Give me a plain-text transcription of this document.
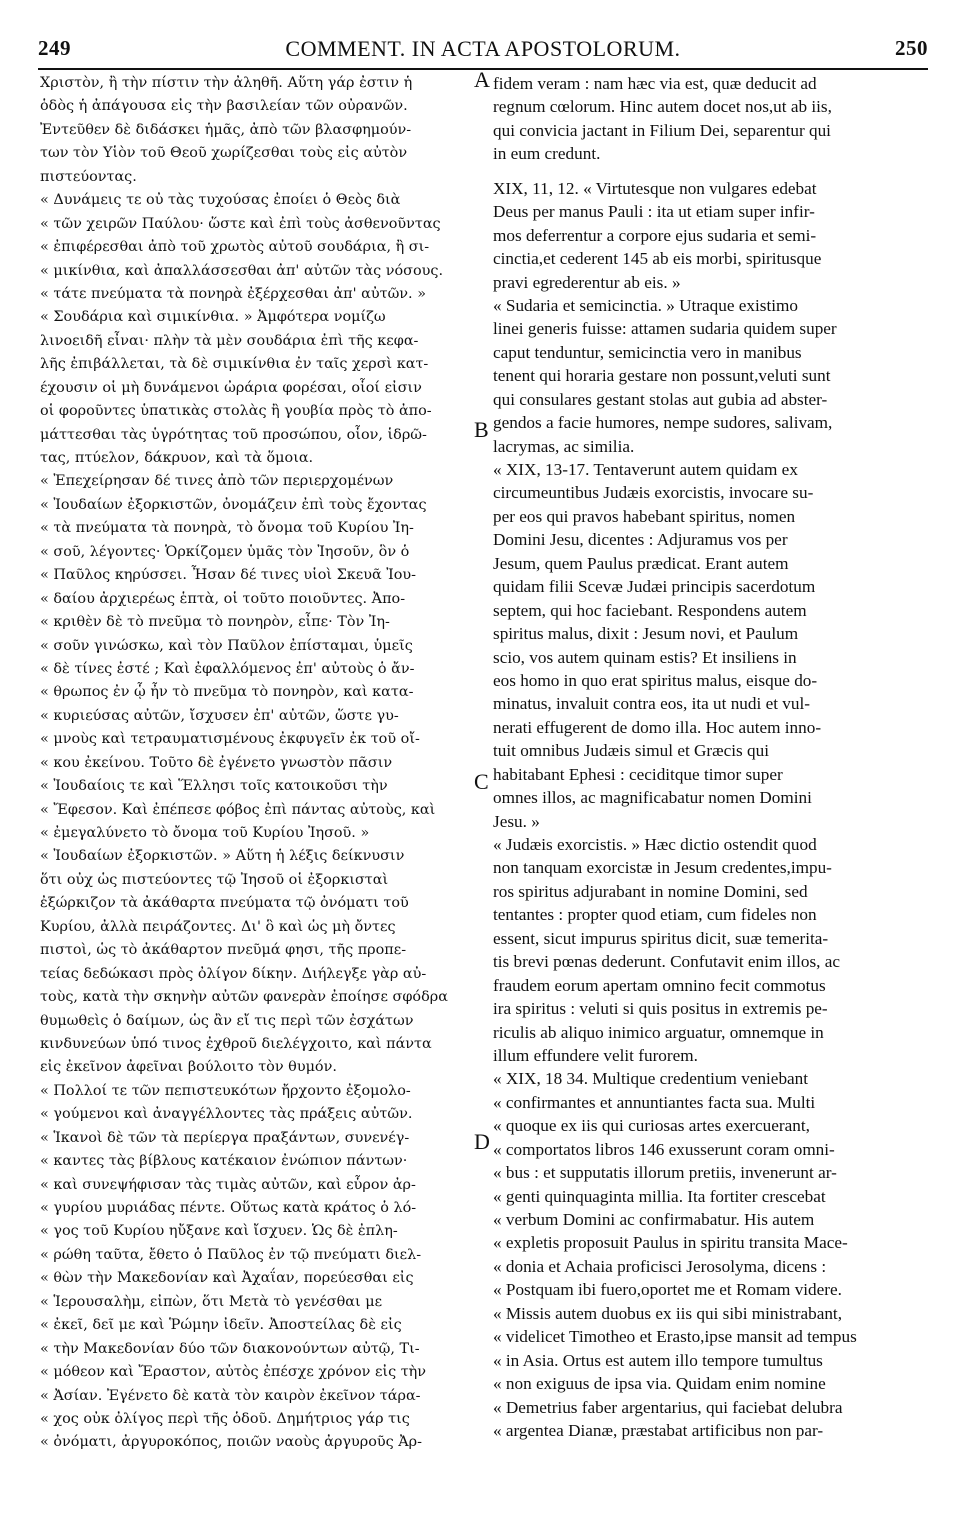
249	COMMENT. IN ACTA APOSTOLORUM.	250
Χριστὸν, ἢ τὴν πίστιν τὴν ἀληθῆ. Αὕτη γάρ ἐστιν ἡ
ὁδὸς ἡ ἀπάγουσα εἰς τὴν βασιλείαν τῶν οὐρανῶν.
Ἐντεῦθεν δὲ διδάσκει ἡμᾶς, ἀπὸ τῶν βλασφημούν-
των τὸν Υἱὸν τοῦ Θεοῦ χωρίζεσθαι τοὺς εἰς αὐτὸν
πιστεύοντας.
« Δυνάμεις τε οὐ τὰς τυχούσας ἐποίει ὁ Θεὸς διὰ
« τῶν χειρῶν Παύλου· ὥστε καὶ ἐπὶ τοὺς ἀσθενοῦντας
« ἐπιφέρεσθαι ἀπὸ τοῦ χρωτὸς αὐτοῦ σουδάρια, ἢ σι-
« μικίνθια, καὶ ἀπαλλάσσεσθαι ἀπ' αὐτῶν τὰς νόσους.
« τάτε πνεύματα τὰ πονηρὰ ἐξέρχεσθαι ἀπ' αὐτῶν. »
« Σουδάρια καὶ σιμικίνθια. » Ἀμφότερα νομίζω
λινοειδῆ εἶναι· πλὴν τὰ μὲν σουδάρια ἐπὶ τῆς κεφα-
λῆς ἐπιβάλλεται, τὰ δὲ σιμικίνθια ἐν ταῖς χερσὶ κατ-
έχουσιν οἱ μὴ δυνάμενοι ὠράρια φορέσαι, οἷοί εἰσιν
οἱ φοροῦντες ὑπατικὰς στολὰς ἢ γουβία πρὸς τὸ ἀπο-
μάττεσθαι τὰς ὑγρότητας τοῦ προσώπου, οἷον, ἱδρῶ-
τας, πτύελον, δάκρυον, καὶ τὰ ὅμοια.
« Ἐπεχείρησαν δέ τινες ἀπὸ τῶν περιερχομένων
« Ἰουδαίων ἐξορκιστῶν, ὀνομάζειν ἐπὶ τοὺς ἔχοντας
« τὰ πνεύματα τὰ πονηρὰ, τὸ ὄνομα τοῦ Κυρίου Ἰη-
« σοῦ, λέγοντες· Ὁρκίζομεν ὑμᾶς τὸν Ἰησοῦν, ὃν ὁ
« Παῦλος κηρύσσει. Ἦσαν δέ τινες υἱοὶ Σκευᾶ Ἰου-
« δαίου ἀρχιερέως ἑπτὰ, οἱ τοῦτο ποιοῦντες. Ἀπο-
« κριθὲν δὲ τὸ πνεῦμα τὸ πονηρὸν, εἶπε· Τὸν Ἰη-
« σοῦν γινώσκω, καὶ τὸν Παῦλον ἐπίσταμαι, ὑμεῖς
« δὲ τίνες ἐστέ ; Καὶ ἐφαλλόμενος ἐπ' αὐτοὺς ὁ ἄν-
« θρωπος ἐν ᾧ ἦν τὸ πνεῦμα τὸ πονηρὸν, καὶ κατα-
« κυριεύσας αὐτῶν, ἴσχυσεν ἐπ' αὐτῶν, ὥστε γυ-
« μνοὺς καὶ τετραυματισμένους ἐκφυγεῖν ἐκ τοῦ οἴ-
« κου ἐκείνου. Τοῦτο δὲ ἐγένετο γνωστὸν πᾶσιν
« Ἰουδαίοις τε καὶ Ἕλλησι τοῖς κατοικοῦσι τὴν
« Ἔφεσον. Καὶ ἐπέπεσε φόβος ἐπὶ πάντας αὐτοὺς, καὶ
« ἐμεγαλύνετο τὸ ὄνομα τοῦ Κυρίου Ἰησοῦ. »
« Ἰουδαίων ἐξορκιστῶν. » Αὕτη ἡ λέξις δείκνυσιν
ὅτι οὐχ ὡς πιστεύοντες τῷ Ἰησοῦ οἱ ἐξορκισταὶ
ἐξώρκιζον τὰ ἀκάθαρτα πνεύματα τῷ ὀνόματι τοῦ
Κυρίου, ἀλλὰ πειράζοντες. Δι' ὃ καὶ ὡς μὴ ὄντες
πιστοὶ, ὡς τὸ ἀκάθαρτον πνεῦμά φησι, τῆς προπε-
τείας δεδώκασι πρὸς ὀλίγον δίκην. Διήλεγξε γὰρ αὐ-
τοὺς, κατὰ τὴν σκηνὴν αὐτῶν φανερὰν ἐποίησε σφόδρα
θυμωθεὶς ὁ δαίμων, ὡς ἂν εἴ τις περὶ τῶν ἐσχάτων
κινδυνεύων ὑπό τινος ἐχθροῦ διελέγχοιτο, καὶ πάντα
εἰς ἐκεῖνον ἀφεῖναι βούλοιτο τὸν θυμόν.
« Πολλοί τε τῶν πεπιστευκότων ἤρχοντο ἐξομολο-
« γούμενοι καὶ ἀναγγέλλοντες τὰς πράξεις αὐτῶν.
« Ἱκανοὶ δὲ τῶν τὰ περίεργα πραξάντων, συνενέγ-
« καντες τὰς βίβλους κατέκαιον ἐνώπιον πάντων·
« καὶ συνεψήφισαν τὰς τιμὰς αὐτῶν, καὶ εὗρον ἀρ-
« γυρίου μυριάδας πέντε. Οὕτως κατὰ κράτος ὁ λό-
« γος τοῦ Κυρίου ηὔξανε καὶ ἴσχυεν. Ὡς δὲ ἐπλη-
« ρώθη ταῦτα, ἔθετο ὁ Παῦλος ἐν τῷ πνεύματι διελ-
« θὼν τὴν Μακεδονίαν καὶ Ἀχαΐαν, πορεύεσθαι εἰς
« Ἱερουσαλὴμ, εἰπὼν, ὅτι Μετὰ τὸ γενέσθαι με
« ἐκεῖ, δεῖ με καὶ Ῥώμην ἰδεῖν. Ἀποστείλας δὲ εἰς
« τὴν Μακεδονίαν δύο τῶν διακονούντων αὐτῷ, Τι-
« μόθεον καὶ Ἔραστον, αὐτὸς ἐπέσχε χρόνον εἰς τὴν
« Ἀσίαν. Ἐγένετο δὲ κατὰ τὸν καιρὸν ἐκεῖνον τάρα-
« χος οὐκ ὀλίγος περὶ τῆς ὁδοῦ. Δημήτριος γάρ τις
« ὀνόματι, ἀργυροκόπος, ποιῶν ναοὺς ἀργυροῦς Ἀρ-
fidem veram : nam hæc via est, quæ deducit ad
regnum cœlorum. Hinc autem docet nos,ut ab iis,
qui convicia jactant in Filium Dei, separentur qui
in eum credunt.
XIX, 11, 12. « Virtutesque non vulgares edebat
Deus per manus Pauli : ita ut etiam super infir-
mos deferrentur a corpore ejus sudaria et semi-
cinctia,et cederent 145 ab eis morbi, spiritusque
pravi egrederentur ab eis. »
« Sudaria et semicinctia. » Utraque existimo
linei generis fuisse: attamen sudaria quidem super
caput tenduntur, semicinctia vero in manibus
tenent qui horaria gestare non possunt,veluti sunt
qui consulares gestant stolas aut gubia ad abster-
gendos a facie humores, nempe sudores, salivam,
lacrymas, ac similia.
« XIX, 13-17. Tentaverunt autem quidam ex
circumeuntibus Judæis exorcistis, invocare su-
per eos qui pravos habebant spiritus, nomen
Domini Jesu, dicentes : Adjuramus vos per
Jesum, quem Paulus prædicat. Erant autem
quidam filii Scevæ Judæi principis sacerdotum
septem, qui hoc faciebant. Respondens autem
spiritus malus, dixit : Jesum novi, et Paulum
scio, vos autem quinam estis? Et insiliens in
eos homo in quo erat spiritus malus, eisque do-
minatus, invaluit contra eos, ita ut nudi et vul-
nerati effugerent de domo illa. Hoc autem inno-
tuit omnibus Judæis simul et Græcis qui
habitabant Ephesi : ceciditque timor super
omnes illos, ac magnificabatur nomen Domini
Jesu. »
« Judæis exorcistis. » Hæc dictio ostendit quod
non tanquam exorcistæ in Jesum credentes,impu-
ros spiritus adjurabant in nomine Domini, sed
tentantes : propter quod etiam, cum fideles non
essent, sicut impurus spiritus dicit, suæ temerita-
tis brevi pœnas dederunt. Confutavit enim illos, ac
fraudem eorum apertam omnino fecit commotus
ira spiritus : veluti si quis positus in extremis pe-
riculis ab aliquo inimico arguatur, omnemque in
illum effundere velit furorem.
« XIX, 18 34. Multique credentium veniebant
« confirmantes et annuntiantes facta sua. Multi
« quoque ex iis qui curiosas artes exercuerant,
« comportatos libros 146 exusserunt coram omni-
« bus : et supputatis illorum pretiis, invenerunt ar-
« genti quinquaginta millia. Ita fortiter crescebat
« verbum Domini ac confirmabatur. His autem
« expletis proposuit Paulus in spiritu transita Mace-
« donia et Achaia proficisci Jerosolyma, dicens :
« Postquam ibi fuero,oportet me et Romam videre.
« Missis autem duobus ex iis qui sibi ministrabant,
« videlicet Timotheo et Erasto,ipse mansit ad tempus
« in Asia. Ortus est autem illo tempore tumultus
« non exiguus de ipsa via. Quidam enim nomine
« Demetrius faber argentarius, qui faciebat delubra
« argentea Dianæ, præstabat artificibus non par-
A
B
C
D
